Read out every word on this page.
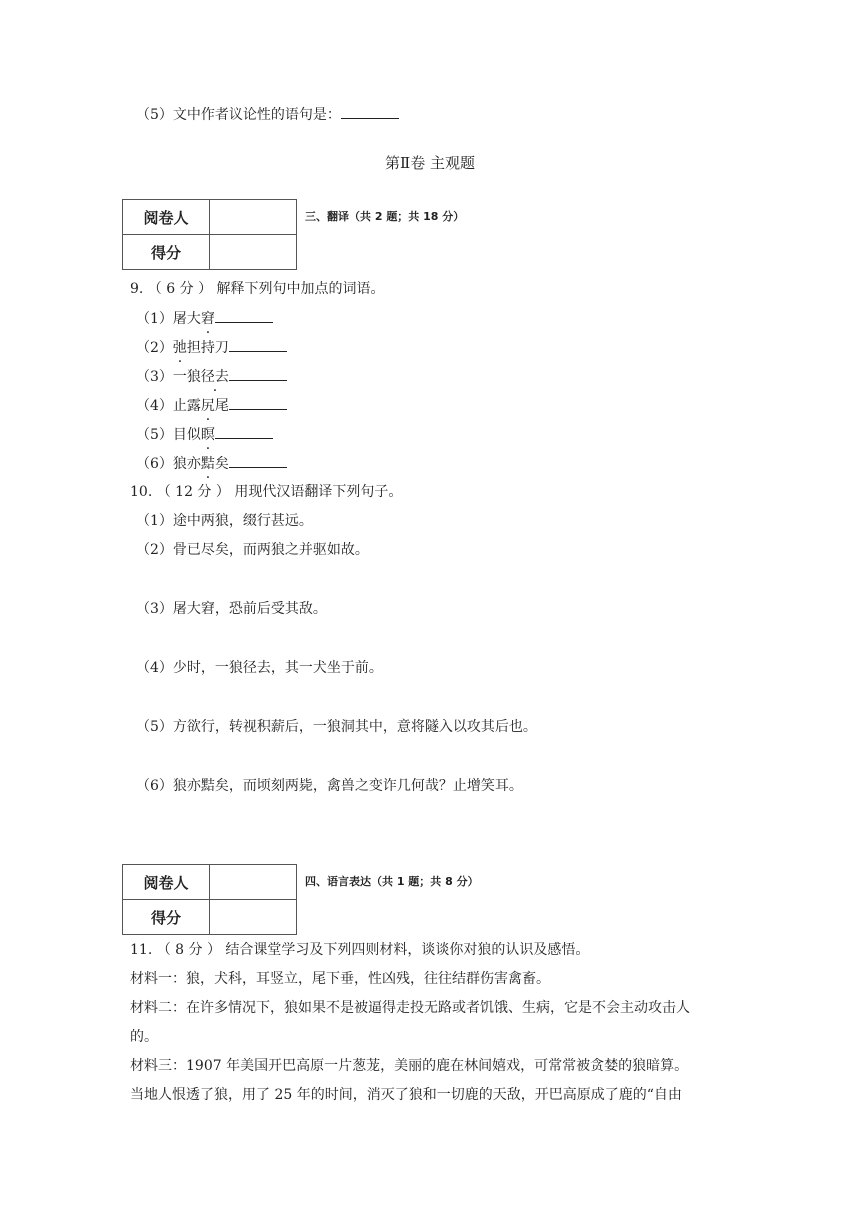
（5）文中作者议论性的语句是：
第Ⅱ卷 主观题
阅卷人	
得分	
三、翻译（共 2 题；共 18 分）
9. （ 6 分 ） 解释下列句中加点的词语。
（1）屠大窘
（2）弛担持刀
（3）一狼径去
（4）止露尻尾
（5）目似瞑
（6）狼亦黠矣
10. （ 12 分 ） 用现代汉语翻译下列句子。
（1）途中两狼，缀行甚远。
（2）骨已尽矣，而两狼之并驱如故。
（3）屠大窘，恐前后受其敌。
（4）少时，一狼径去，其一犬坐于前。
（5）方欲行，转视积薪后，一狼洞其中，意将隧入以攻其后也。
（6）狼亦黠矣，而顷刻两毙，禽兽之变诈几何哉？止增笑耳。
阅卷人	
得分	
四、语言表达（共 1 题；共 8 分）
11. （ 8 分 ） 结合课堂学习及下列四则材料，谈谈你对狼的认识及感悟。
材料一：狼，犬科，耳竖立，尾下垂，性凶残，往往结群伤害禽畜。
材料二：在许多情况下，狼如果不是被逼得走投无路或者饥饿、生病，它是不会主动攻击人
的。
材料三：1907 年美国开巴高原一片葱茏，美丽的鹿在林间嬉戏，可常常被贪婪的狼暗算。
当地人恨透了狼，用了 25 年的时间，消灭了狼和一切鹿的天敌，开巴高原成了鹿的“自由
